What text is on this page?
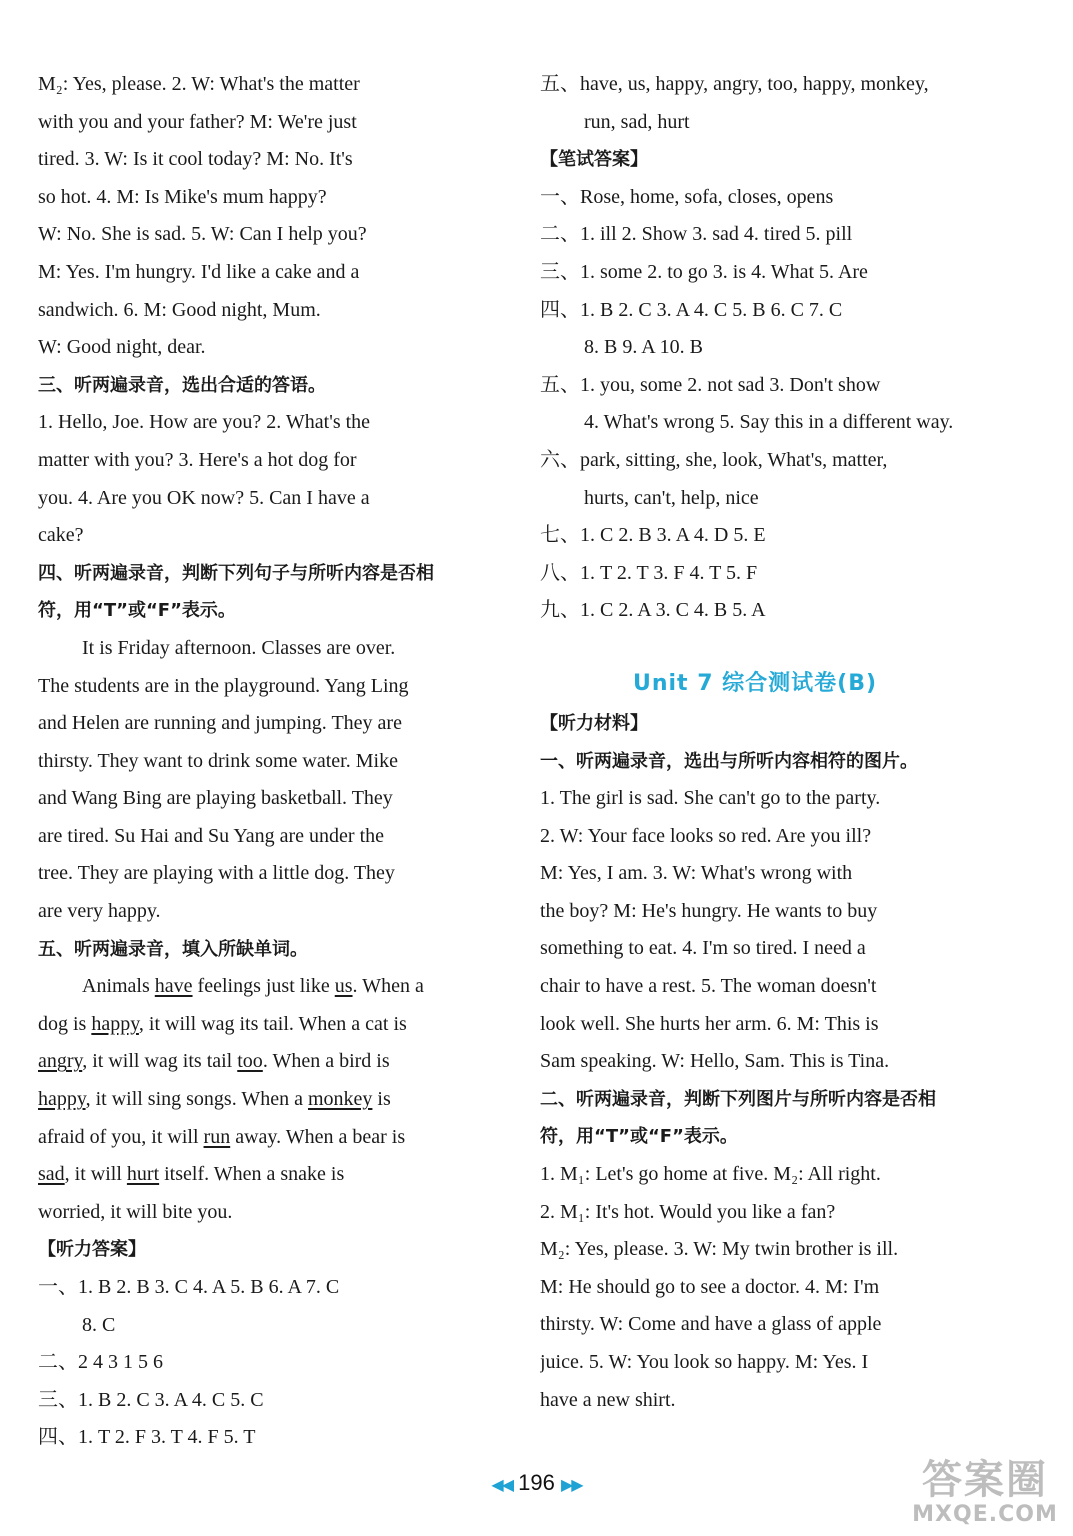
M₂: Yes, please. 2. W: What's the matter
with you and your father? M: We're just
tired. 3. W: Is it cool today? M: No. It's
so hot. 4. M: Is Mike's mum happy?
W: No. She is sad. 5. W: Can I help you?
M: Yes. I'm hungry. I'd like a cake and a
sandwich. 6. M: Good night, Mum.
W: Good night, dear.
三、听两遍录音，选出合适的答语。
1. Hello, Joe. How are you? 2. What's the
matter with you? 3. Here's a hot dog for
you. 4. Are you OK now? 5. Can I have a
cake?
四、听两遍录音，判断下列句子与所听内容是否相
符，用“T”或“F”表示。
It is Friday afternoon. Classes are over.
The students are in the playground. Yang Ling
and Helen are running and jumping. They are
thirsty. They want to drink some water. Mike
and Wang Bing are playing basketball. They
are tired. Su Hai and Su Yang are under the
tree. They are playing with a little dog. They
are very happy.
五、听两遍录音，填入所缺单词。
Animals have feelings just like us. When a
dog is happy, it will wag its tail. When a cat is
angry, it will wag its tail too. When a bird is
happy, it will sing songs. When a monkey is
afraid of you, it will run away. When a bear is
sad, it will hurt itself. When a snake is
worried, it will bite you.
【听力答案】
一、1. B 2. B 3. C 4. A 5. B 6. A 7. C
8. C
二、2 4 3 1 5 6
三、1. B 2. C 3. A 4. C 5. C
四、1. T 2. F 3. T 4. F 5. T
五、have, us, happy, angry, too, happy, monkey,
run, sad, hurt
【笔试答案】
一、Rose, home, sofa, closes, opens
二、1. ill 2. Show 3. sad 4. tired 5. pill
三、1. some 2. to go 3. is 4. What 5. Are
四、1. B 2. C 3. A 4. C 5. B 6. C 7. C
8. B 9. A 10. B
五、1. you, some 2. not sad 3. Don't show
4. What's wrong 5. Say this in a different way.
六、park, sitting, she, look, What's, matter,
hurts, can't, help, nice
七、1. C 2. B 3. A 4. D 5. E
八、1. T 2. T 3. F 4. T 5. F
九、1. C 2. A 3. C 4. B 5. A
Unit 7 综合测试卷(B)
【听力材料】
一、听两遍录音，选出与所听内容相符的图片。
1. The girl is sad. She can't go to the party.
2. W: Your face looks so red. Are you ill?
M: Yes, I am. 3. W: What's wrong with
the boy? M: He's hungry. He wants to buy
something to eat. 4. I'm so tired. I need a
chair to have a rest. 5. The woman doesn't
look well. She hurts her arm. 6. M: This is
Sam speaking. W: Hello, Sam. This is Tina.
二、听两遍录音，判断下列图片与所听内容是否相
符，用“T”或“F”表示。
1. M₁: Let's go home at five. M₂: All right.
2. M₁: It's hot. Would you like a fan?
M₂: Yes, please. 3. W: My twin brother is ill.
M: He should go to see a doctor. 4. M: I'm
thirsty. W: Come and have a glass of apple
juice. 5. W: You look so happy. M: Yes. I
have a new shirt.
◀◀ 196 ▶▶	答案圈
MXQE.COM
